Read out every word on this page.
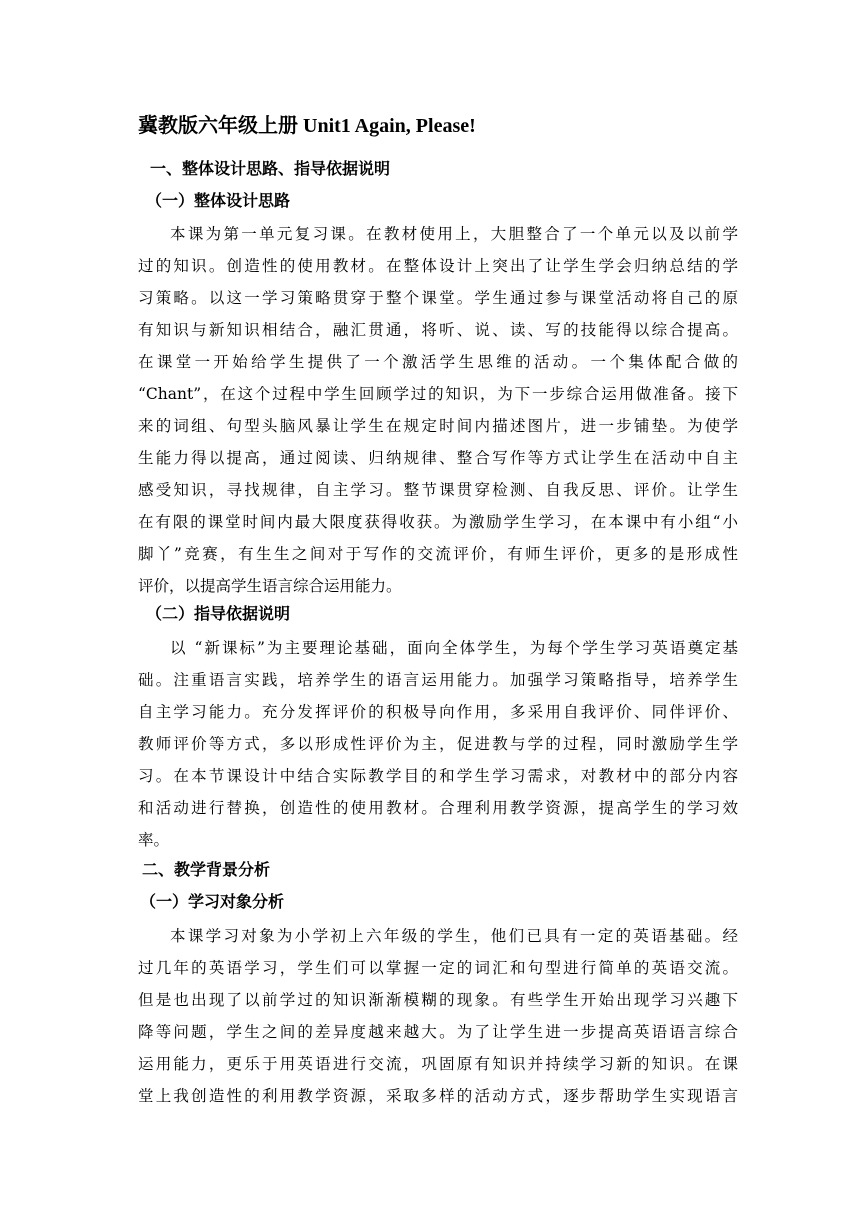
冀教版六年级上册 Unit1 Again, Please!
一、整体设计思路、指导依据说明
（一）整体设计思路
本课为第一单元复习课。在教材使用上，大胆整合了一个单元以及以前学
过的知识。创造性的使用教材。在整体设计上突出了让学生学会归纳总结的学
习策略。以这一学习策略贯穿于整个课堂。学生通过参与课堂活动将自己的原
有知识与新知识相结合，融汇贯通，将听、说、读、写的技能得以综合提高。
在课堂一开始给学生提供了一个激活学生思维的活动。一个集体配合做的
“Chant”，在这个过程中学生回顾学过的知识，为下一步综合运用做准备。接下
来的词组、句型头脑风暴让学生在规定时间内描述图片，进一步铺垫。为使学
生能力得以提高，通过阅读、归纳规律、整合写作等方式让学生在活动中自主
感受知识，寻找规律，自主学习。整节课贯穿检测、自我反思、评价。让学生
在有限的课堂时间内最大限度获得收获。为激励学生学习，在本课中有小组“小
脚丫”竞赛，有生生之间对于写作的交流评价，有师生评价，更多的是形成性
评价，以提高学生语言综合运用能力。
（二）指导依据说明
以 “新课标”为主要理论基础，面向全体学生，为每个学生学习英语奠定基
础。注重语言实践，培养学生的语言运用能力。加强学习策略指导，培养学生
自主学习能力。充分发挥评价的积极导向作用，多采用自我评价、同伴评价、
教师评价等方式，多以形成性评价为主，促进教与学的过程，同时激励学生学
习。在本节课设计中结合实际教学目的和学生学习需求，对教材中的部分内容
和活动进行替换，创造性的使用教材。合理利用教学资源，提高学生的学习效
率。
二、教学背景分析
（一）学习对象分析
本课学习对象为小学初上六年级的学生，他们已具有一定的英语基础。经
过几年的英语学习，学生们可以掌握一定的词汇和句型进行简单的英语交流。
但是也出现了以前学过的知识渐渐模糊的现象。有些学生开始出现学习兴趣下
降等问题，学生之间的差异度越来越大。为了让学生进一步提高英语语言综合
运用能力，更乐于用英语进行交流，巩固原有知识并持续学习新的知识。在课
堂上我创造性的利用教学资源，采取多样的活动方式，逐步帮助学生实现语言
